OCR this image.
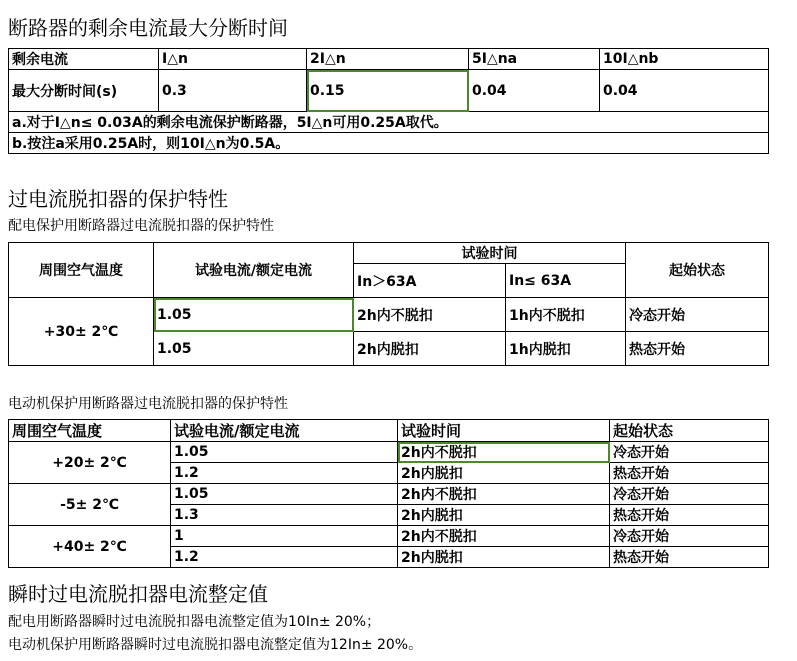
断路器的剩余电流最大分断时间
剩余电流	I△n	2I△n	5I△na	10I△nb
最大分断时间(s)	0.3	0.15	0.04	0.04
a.对于I△n≤ 0.03A的剩余电流保护断路器，5I△n可用0.25A取代。				
b.按注a采用0.25A时，则10I△n为0.5A。				
过电流脱扣器的保护特性
配电保护用断路器过电流脱扣器的保护特性
周围空气温度	试验电流/额定电流	试验时间		起始状态
		In＞63A	In≤ 63A	
+30± 2℃	1.05	2h内不脱扣	1h内不脱扣	冷态开始
	1.05	2h内脱扣	1h内脱扣	热态开始
电动机保护用断路器过电流脱扣器的保护特性
周围空气温度	试验电流/额定电流	试验时间	起始状态
+20± 2℃	1.05	2h内不脱扣	冷态开始
	1.2	2h内脱扣	热态开始
-5± 2℃	1.05	2h内不脱扣	冷态开始
	1.3	2h内脱扣	热态开始
+40± 2℃	1	2h内不脱扣	冷态开始
	1.2	2h内脱扣	热态开始
瞬时过电流脱扣器电流整定值
配电用断路器瞬时过电流脱扣器电流整定值为10In± 20%；
电动机保护用断路器瞬时过电流脱扣器电流整定值为12In± 20%。
